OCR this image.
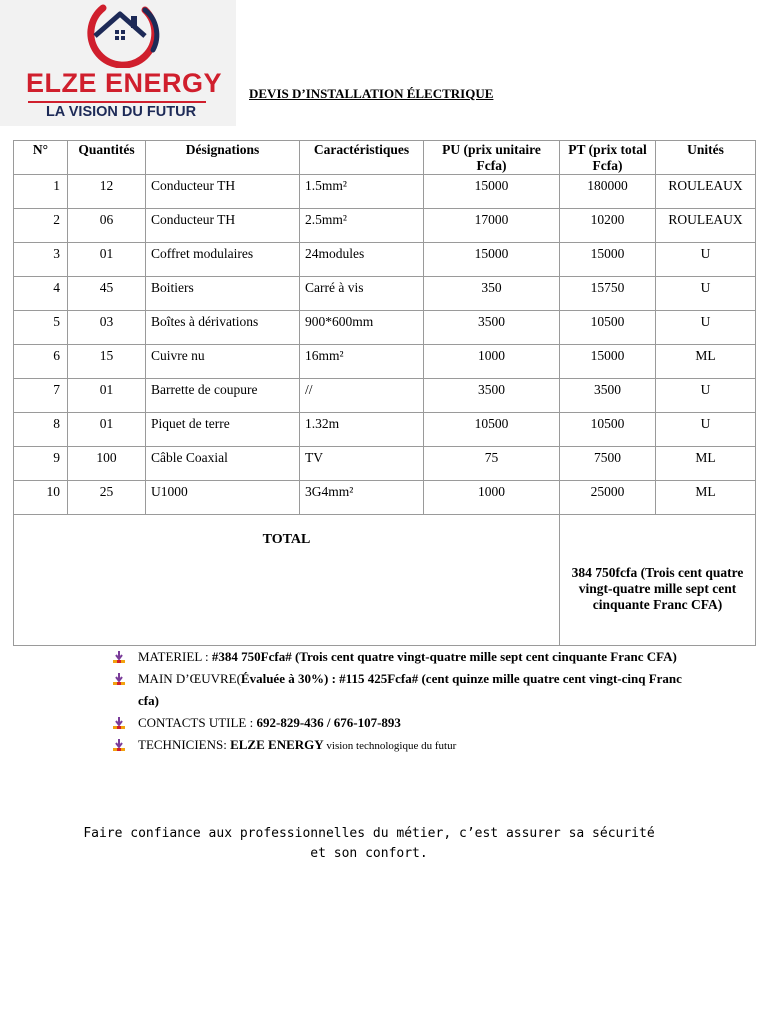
ELZE ENERGY
LA VISION DU FUTUR
DEVIS D’INSTALLATION ÉLECTRIQUE
N°	Quantités	Désignations	Caractéristiques	PU (prix unitaire Fcfa)	PT (prix total Fcfa)	Unités
1	12	Conducteur TH	1.5mm²	15000	180000	ROULEAUX
2	06	Conducteur TH	2.5mm²	17000	10200	ROULEAUX
3	01	Coffret modulaires	24modules	15000	15000	U
4	45	Boitiers	Carré à vis	350	15750	U
5	03	Boîtes à dérivations	900*600mm	3500	10500	U
6	15	Cuivre nu	16mm²	1000	15000	ML
7	01	Barrette de coupure	//	3500	3500	U
8	01	Piquet de terre	1.32m	10500	10500	U
9	100	Câble Coaxial	TV	75	7500	ML
10	25	U1000	3G4mm²	1000	25000	ML
TOTAL					384 750fcfa (Trois cent quatre vingt-quatre mille sept cent cinquante Franc CFA)	
MATERIEL : #384 750Fcfa# (Trois cent quatre vingt-quatre mille sept cent cinquante Franc CFA)
MAIN D’ŒUVRE(Évaluée à 30%) : #115 425Fcfa# (cent quinze mille quatre cent vingt-cinq Franc cfa)
CONTACTS UTILE : 692-829-436 / 676-107-893
TECHNICIENS: ELZE ENERGY vision technologique du futur
Faire confiance aux professionnelles du métier, c’est assurer sa sécurité et son confort.
